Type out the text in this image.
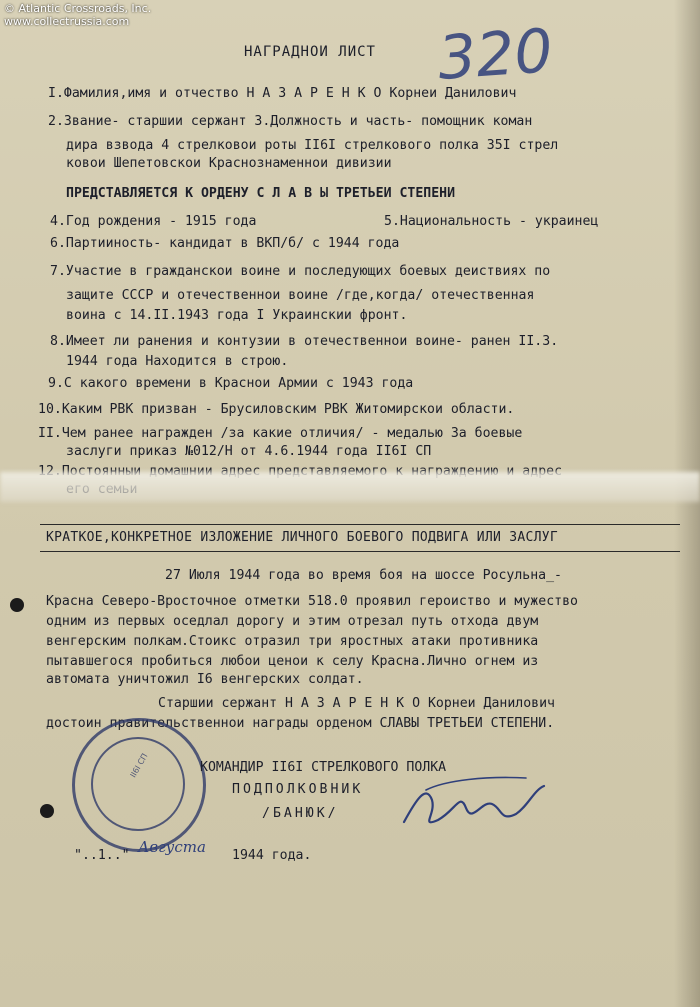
© Atlantic Crossroads, Inc.
www.collectrussia.com	320
НАГРАДНОИ ЛИСТ
I.Фамилия,имя и отчество Н А З А Р Е Н К О Корнеи Данилович
2.Звание- старшии сержант 3.Должность и часть- помощник коман
дира взвода 4 стрелковои роты II6I стрелкового полка 35I стрел
ковои Шепетовскои Краснознаменнои дивизии
ПРЕДСТАВЛЯЕТСЯ К ОРДЕНУ С Л А В Ы ТРЕТЬЕИ СТЕПЕНИ
4.Год рождения - 1915 года	5.Национальность - украинец
6.Партииность- кандидат в ВКП/б/ с 1944 года
7.Участие в гражданскои воине и последующих боевых деиствиях по
защите СССР и отечественнои воине /где,когда/ отечественная
воина с 14.II.1943 года I Украинскии фронт.
8.Имеет ли ранения и контузии в отечественнои воине- ранен II.3.
1944 года Находится в строю.
9.С какого времени в Краснои Армии с 1943 года
10.Каким РВК призван - Брусиловским РВК Житомирскои области.
II.Чем ранее награжден /за какие отличия/ - медалью За боевые
заслуги приказ №012/Н от 4.6.1944 года II6I СП
КРАТКОЕ,КОНКРЕТНОЕ ИЗЛОЖЕНИЕ ЛИЧНОГО БОЕВОГО ПОДВИГА ИЛИ ЗАСЛУГ
27 Июля 1944 года во время боя на шоссе Росульна_-
Красна Северо-Вросточное отметки 518.0 проявил героиство и мужество
одним из первых оседлал дорогу и этим отрезал путь отхода двум
венгерским полкам.Стоикс отразил три яростных атаки противника
пытавшегося пробиться любои ценои к селу Красна.Лично огнем из
автомата уничтожил I6 венгерских солдат.
Старшии сержант Н А З А Р Е Н К О Корнеи Данилович
достоин правительственнои награды орденом СЛАВЫ ТРЕТЬЕИ СТЕПЕНИ.
II6I СП	КОМАНДИР II6I СТРЕЛКОВОГО ПОЛКА
ПОДПОЛКОВНИК
/БАНЮК/
"..1.." Августа 1944 года.
